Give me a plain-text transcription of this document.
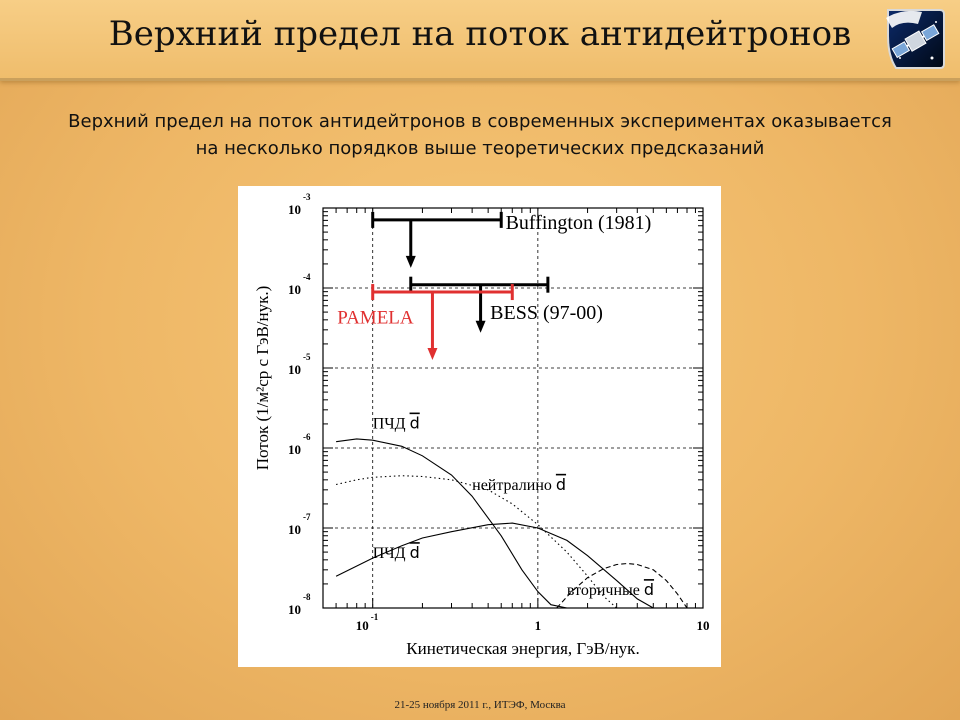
Верхний предел на поток антидейтронов
Верхний предел на поток антидейтронов в современных экспериментах оказывается
на несколько порядков выше теоретических предсказаний
10
-3
10
-4
10
-5
10
-6
10
-7
10
-8
10
-1
1	10
Кинетическая энергия, ГэВ/нук.
Поток (1/м²ср с ГэВ/нук.)
Buffington (1981)
BESS (97-00)
PAMELA
ПЧД d
нейтралино d
ПЧД d
вторичные d
21-25 ноября 2011 г., ИТЭФ, Москва
